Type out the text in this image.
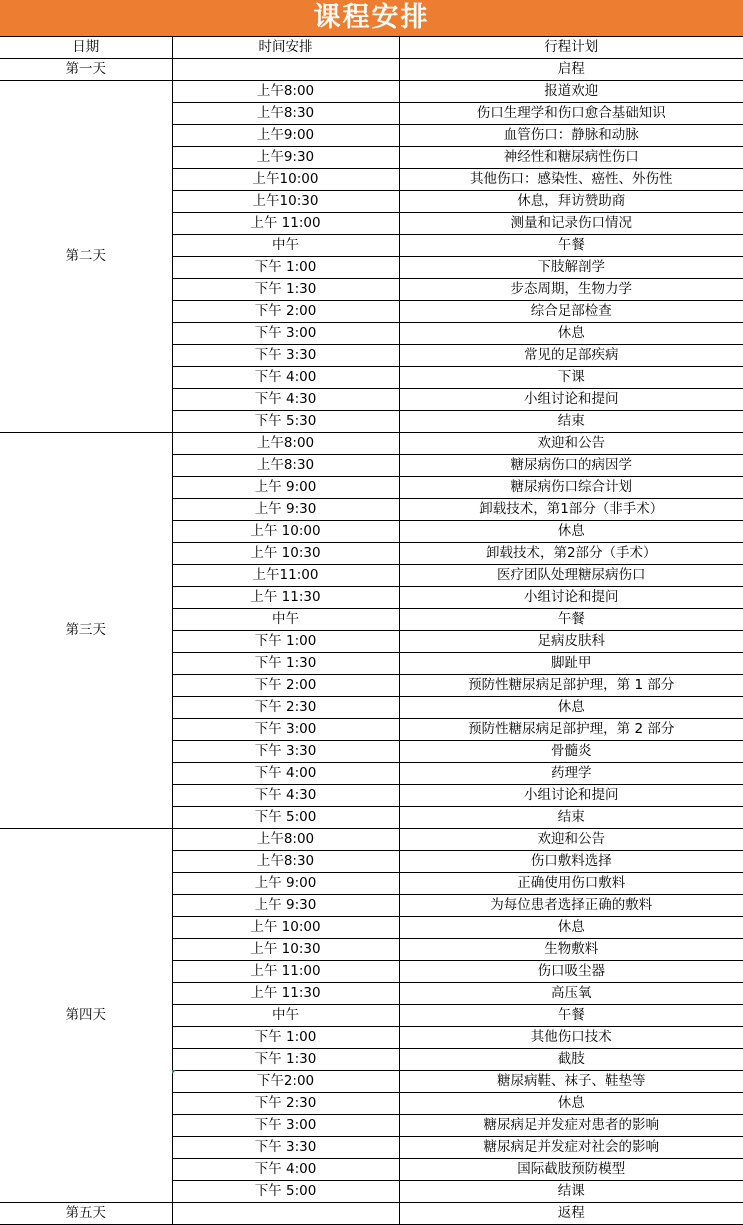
课程安排
日期	时间安排	行程计划
第一天		启程
第二天	上午8:00	报道欢迎
	上午8:30	伤口生理学和伤口愈合基础知识
	上午9:00	血管伤口：静脉和动脉
	上午9:30	神经性和糖尿病性伤口
	上午10:00	其他伤口：感染性、癌性、外伤性
	上午10:30	休息，拜访赞助商
	上午 11:00	测量和记录伤口情况
	中午	午餐
	下午 1:00	下肢解剖学
	下午 1:30	步态周期，生物力学
	下午 2:00	综合足部检查
	下午 3:00	休息
	下午 3:30	常见的足部疾病
	下午 4:00	下课
	下午 4:30	小组讨论和提问
	下午 5:30	结束
第三天	上午8:00	欢迎和公告
	上午8:30	糖尿病伤口的病因学
	上午 9:00	糖尿病伤口综合计划
	上午 9:30	卸载技术，第1部分（非手术）
	上午 10:00	休息
	上午 10:30	卸载技术，第2部分（手术）
	上午11:00	医疗团队处理糖尿病伤口
	上午 11:30	小组讨论和提问
	中午	午餐
	下午 1:00	足病皮肤科
	下午 1:30	脚趾甲
	下午 2:00	预防性糖尿病足部护理，第 1 部分
	下午 2:30	休息
	下午 3:00	预防性糖尿病足部护理，第 2 部分
	下午 3:30	骨髓炎
	下午 4:00	药理学
	下午 4:30	小组讨论和提问
	下午 5:00	结束
第四天	上午8:00	欢迎和公告
	上午8:30	伤口敷料选择
	上午 9:00	正确使用伤口敷料
	上午 9:30	为每位患者选择正确的敷料
	上午 10:00	休息
	上午 10:30	生物敷料
	上午 11:00	伤口吸尘器
	上午 11:30	高压氧
	中午	午餐
	下午 1:00	其他伤口技术
	下午 1:30	截肢
	下午2:00	糖尿病鞋、袜子、鞋垫等
	下午 2:30	休息
	下午 3:00	糖尿病足并发症对患者的影响
	下午 3:30	糖尿病足并发症对社会的影响
	下午 4:00	国际截肢预防模型
	下午 5:00	结课
第五天		返程
